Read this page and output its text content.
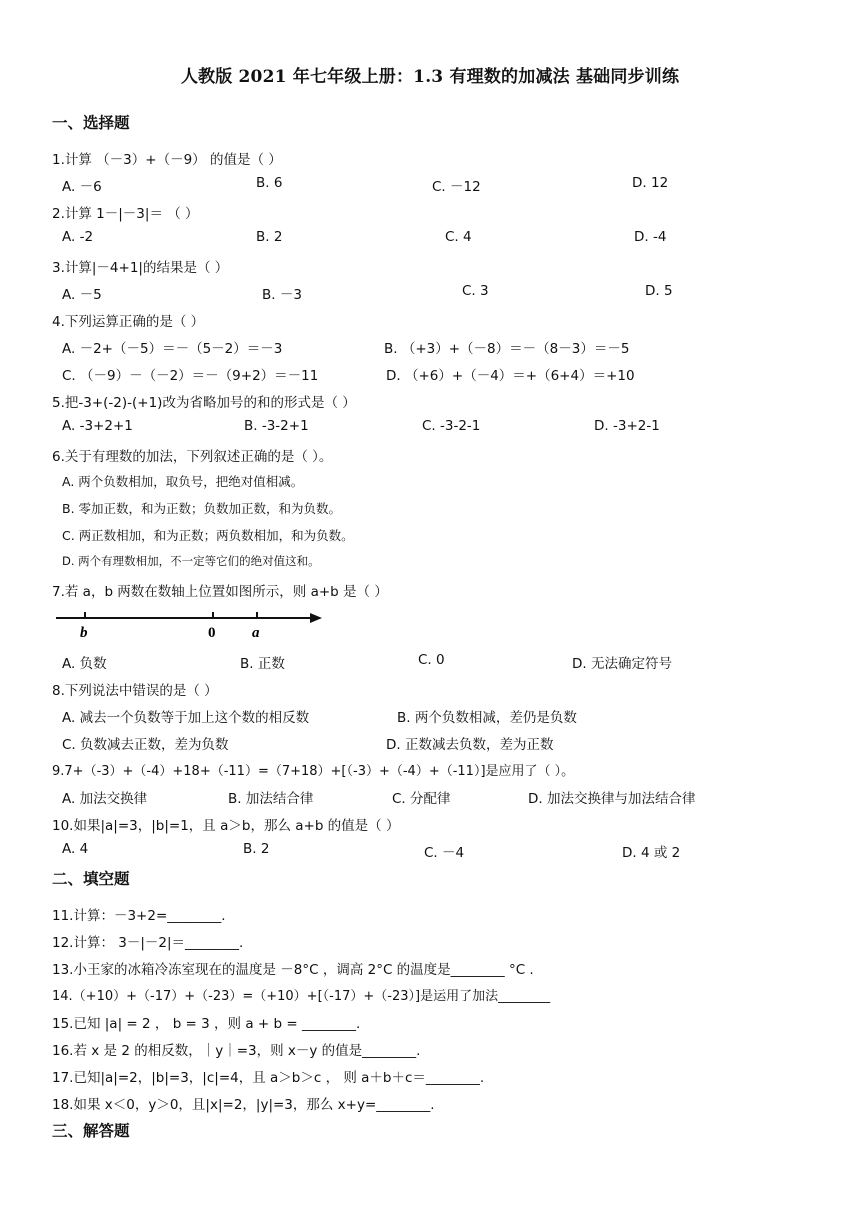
人教版 2021 年七年级上册：1.3 有理数的加减法 基础同步训练
一、选择题
1.计算 （－3）+（－9） 的值是（ ）
A. －6	B. 6	C. －12	D. 12
2.计算 1－|－3|＝ （ ）
A. -2	B. 2	C. 4	D. -4
3.计算|－4+1|的结果是（ ）
A. －5	B. －3	C. 3	D. 5
4.下列运算正确的是（ ）
A. －2+（－5）＝－（5－2）＝－3	B. （+3）+（－8）＝－（8－3）＝－5
C. （－9）－（－2）＝－（9+2）＝－11	D. （+6）+（－4）＝+（6+4）＝+10
5.把-3+(-2)-(+1)改为省略加号的和的形式是（ ）
A. -3+2+1	B. -3-2+1	C. -3-2-1	D. -3+2-1
6.关于有理数的加法，下列叙述正确的是（ ）。
A. 两个负数相加，取负号，把绝对值相减。
B. 零加正数，和为正数；负数加正数，和为负数。
C. 两正数相加，和为正数；两负数相加，和为负数。
D. 两个有理数相加，不一定等它们的绝对值这和。
7.若 a，b 两数在数轴上位置如图所示，则 a+b 是（ ）
b	0 a
A. 负数	B. 正数	C. 0	D. 无法确定符号
8.下列说法中错误的是（ ）
A. 减去一个负数等于加上这个数的相反数	B. 两个负数相减，差仍是负数
C. 负数减去正数，差为负数	D. 正数减去负数，差为正数
9.7+（-3）+（-4）+18+（-11）=（7+18）+[（-3）+（-4）+（-11）]是应用了（ ）。
A. 加法交换律	B. 加法结合律	C. 分配律	D. 加法交换律与加法结合律
10.如果|a|=3，|b|=1，且 a＞b，那么 a+b 的值是（ ）
A. 4	B. 2	C. －4	D. 4 或 2
二、填空题
11.计算：－3+2=________.
12.计算： 3－|－2|＝________.
13.小王家的冰箱冷冻室现在的温度是 －8°C ，调高 2°C 的温度是________ °C .
14.（+10）+（-17）+（-23）=（+10）+[（-17）+（-23）]是运用了加法________
15.已知 |a| = 2 ， b = 3 ，则 a + b = ________.
16.若 x 是 2 的相反数，｜y｜=3，则 x－y 的值是________.
17.已知|a|=2，|b|=3，|c|=4，且 a＞b＞c ， 则 a＋b＋c＝________.
18.如果 x＜0，y＞0，且|x|=2，|y|=3，那么 x+y=________.
三、解答题
